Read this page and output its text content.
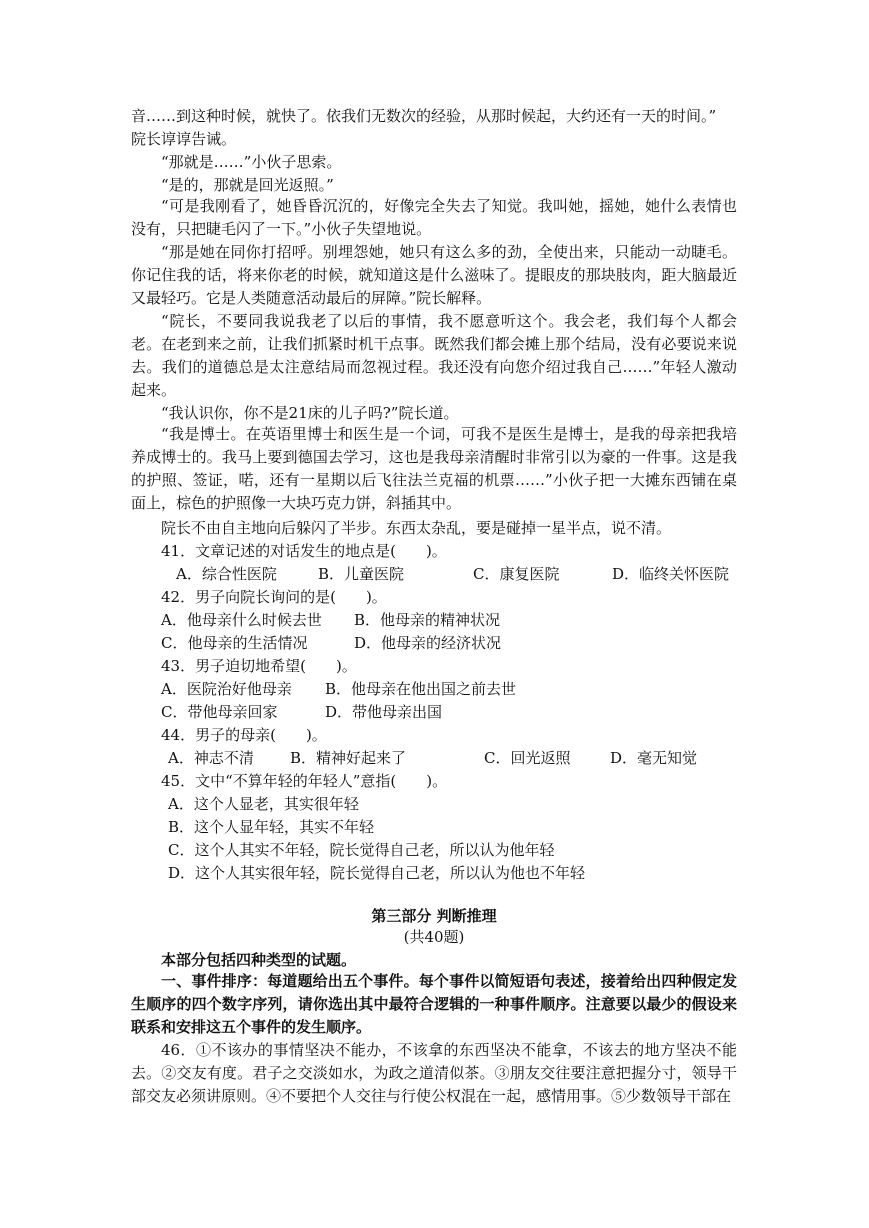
音……到这种时候，就快了。依我们无数次的经验，从那时候起，大约还有一天的时间。”
院长谆谆告诫。
“那就是……”小伙子思索。
“是的，那就是回光返照。”
“可是我刚看了，她昏昏沉沉的，好像完全失去了知觉。我叫她，摇她，她什么表情也没有，只把睫毛闪了一下。”小伙子失望地说。
“那是她在同你打招呼。别埋怨她，她只有这么多的劲，全使出来，只能动一动睫毛。你记住我的话，将来你老的时候，就知道这是什么滋味了。提眼皮的那块肢肉，距大脑最近又最轻巧。它是人类随意活动最后的屏障。”院长解释。
“院长，不要同我说我老了以后的事情，我不愿意听这个。我会老，我们每个人都会老。在老到来之前，让我们抓紧时机干点事。既然我们都会摊上那个结局，没有必要说来说去。我们的道德总是太注意结局而忽视过程。我还没有向您介绍过我自己……”年轻人激动起来。
“我认识你，你不是21床的儿子吗?”院长道。
“我是博士。在英语里博士和医生是一个词，可我不是医生是博士，是我的母亲把我培养成博士的。我马上要到德国去学习，这也是我母亲清醒时非常引以为豪的一件事。这是我的护照、签证，喏，还有一星期以后飞往法兰克福的机票……”小伙子把一大摊东西铺在桌面上，棕色的护照像一大块巧克力饼，斜插其中。
院长不由自主地向后躲闪了半步。东西太杂乱，要是碰掉一星半点，说不清。
41．文章记述的对话发生的地点是(　　)。
A．综合性医院	B．儿童医院	C．康复医院	D．临终关怀医院
42．男子向院长询问的是(　　)。
A．他母亲什么时候去世 B．他母亲的精神状况
C．他母亲的生活情况	D．他母亲的经济状况
43．男子迫切地希望(　　)。
A．医院治好他母亲 B．他母亲在他出国之前去世
C．带他母亲回家	D．带他母亲出国
44．男子的母亲(　　)。
A．神志不清 B．精神好起来了	C．回光返照	D．毫无知觉
45．文中“不算年轻的年轻人”意指(　　)。
A．这个人显老，其实很年轻
B．这个人显年轻，其实不年轻
C．这个人其实不年轻，院长觉得自己老，所以认为他年轻
D．这个人其实很年轻，院长觉得自己老，所以认为他也不年轻
第三部分 判断推理
(共40题)
本部分包括四种类型的试题。
一、事件排序：每道题给出五个事件。每个事件以简短语句表述，接着给出四种假定发生顺序的四个数字序列，请你选出其中最符合逻辑的一种事件顺序。注意要以最少的假设来联系和安排这五个事件的发生顺序。
46．①不该办的事情坚决不能办，不该拿的东西坚决不能拿，不该去的地方坚决不能去。②交友有度。君子之交淡如水，为政之道清似茶。③朋友交往要注意把握分寸，领导干部交友必须讲原则。④不要把个人交往与行使公权混在一起，感情用事。⑤少数领导干部在
